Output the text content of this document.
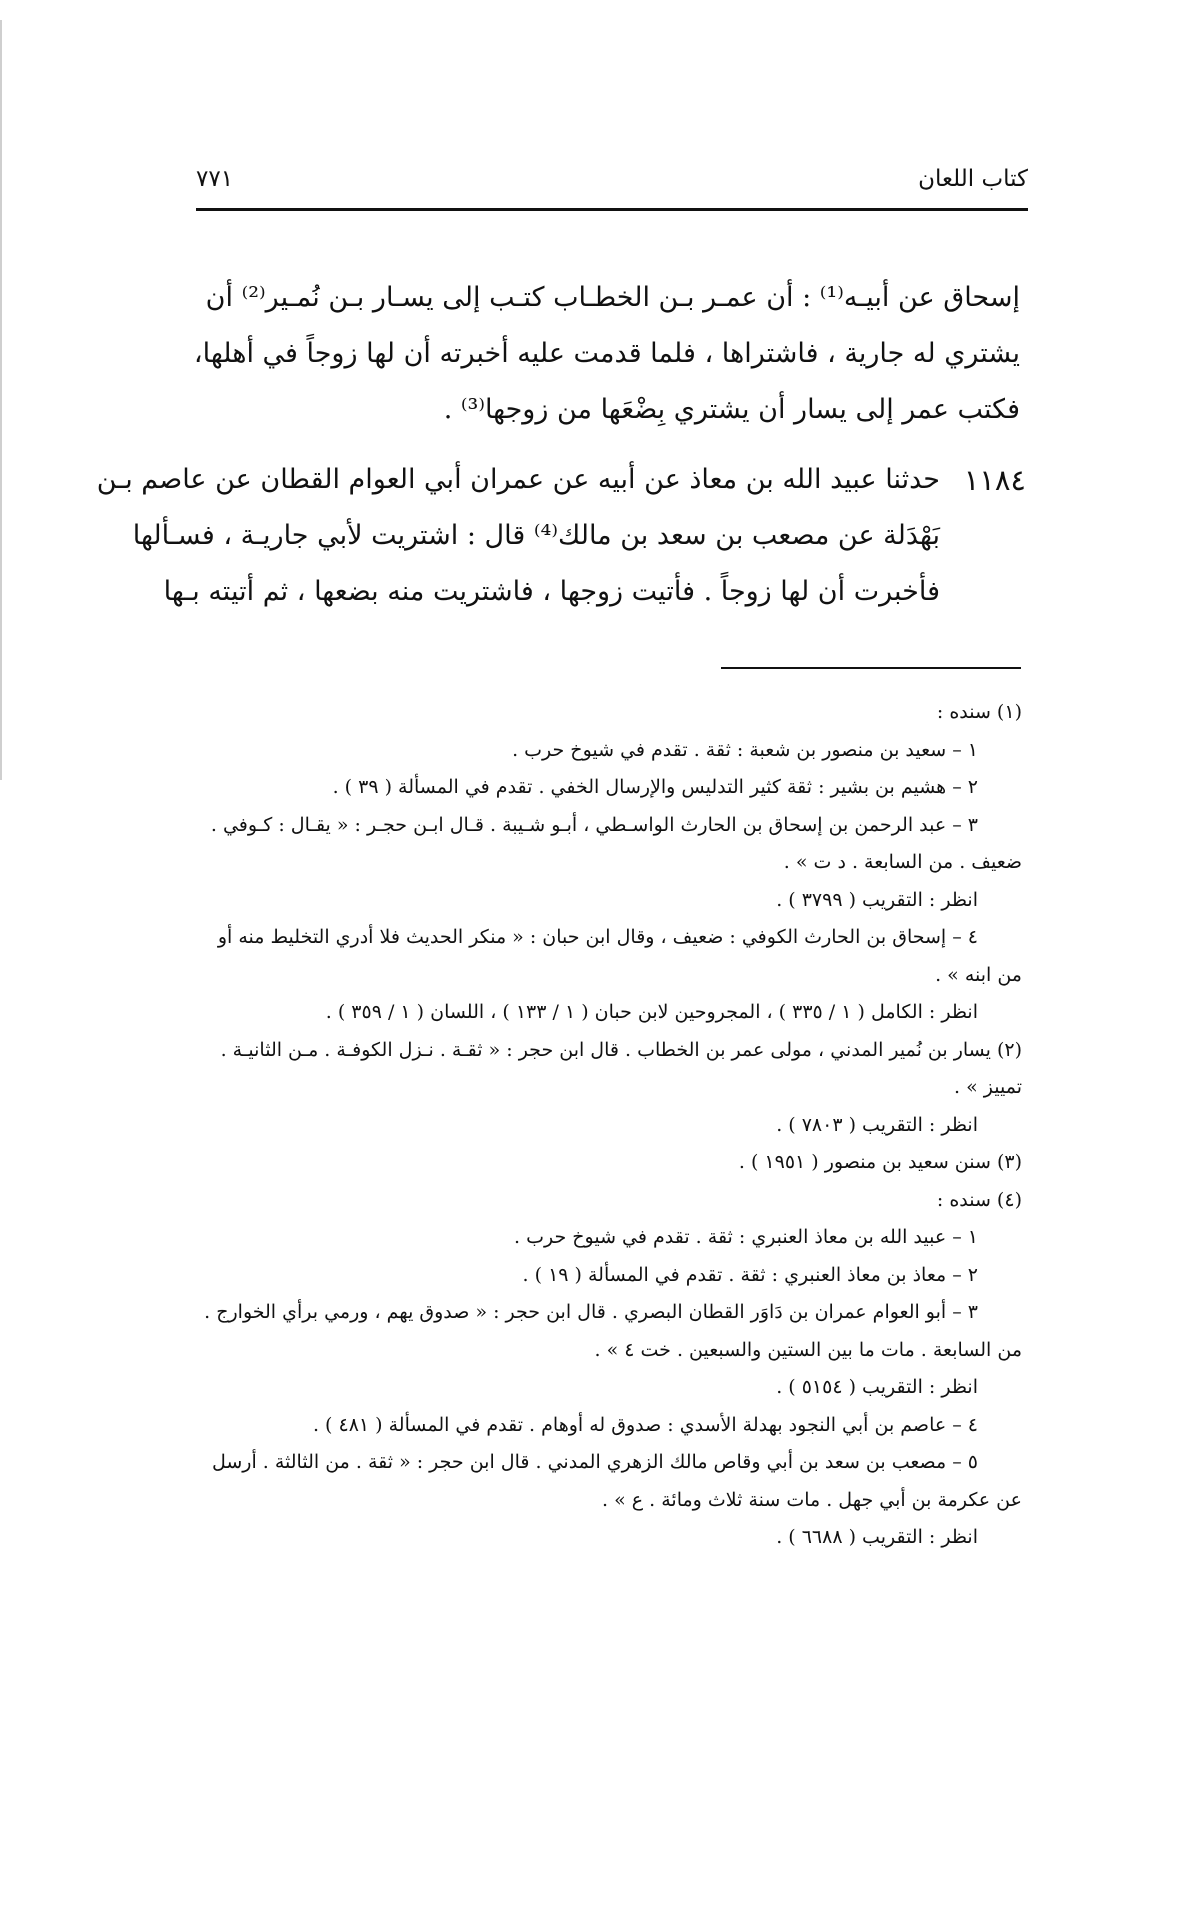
كتاب اللعان
٧٧١
إسحاق عن أبيـه⁽¹⁾ : أن عمـر بـن الخطـاب كتـب إلى يسـار بـن نُمـير⁽²⁾ أن
يشتري له جارية ، فاشتراها ، فلما قدمت عليه أخبرته أن لها زوجاً في أهلها،
فكتب عمر إلى يسار أن يشتري بِضْعَها من زوجها⁽³⁾ .
١١٨٤
حدثنا عبيد الله بن معاذ عن أبيه عن عمران أبي العوام القطان عن عاصم بـن
بَهْدَلة عن مصعب بن سعد بن مالك⁽⁴⁾ قال : اشتريت لأبي جاريـة ، فسـألها
فأخبرت أن لها زوجاً . فأتيت زوجها ، فاشتريت منه بضعها ، ثم أتيته بـها
(١) سنده :
١ – سعيد بن منصور بن شعبة : ثقة . تقدم في شيوخ حرب .
٢ – هشيم بن بشير : ثقة كثير التدليس والإرسال الخفي . تقدم في المسألة ( ٣٩ ) .
٣ – عبد الرحمن بن إسحاق بن الحارث الواسـطي ، أبـو شـيبة . قـال ابـن حجـر : « يقـال : كـوفي .
ضعيف . من السابعة . د ت » .
انظر : التقريب ( ٣٧٩٩ ) .
٤ – إسحاق بن الحارث الكوفي : ضعيف ، وقال ابن حبان : « منكر الحديث فلا أدري التخليط منه أو
من ابنه » .
انظر : الكامل ( ١ / ٣٣٥ ) ، المجروحين لابن حبان ( ١ / ١٣٣ ) ، اللسان ( ١ / ٣٥٩ ) .
(٢) يسار بن نُمير المدني ، مولى عمر بن الخطاب . قال ابن حجر : « ثقـة . نـزل الكوفـة . مـن الثانيـة .
تمييز » .
انظر : التقريب ( ٧٨٠٣ ) .
(٣) سنن سعيد بن منصور ( ١٩٥١ ) .
(٤) سنده :
١ – عبيد الله بن معاذ العنبري : ثقة . تقدم في شيوخ حرب .
٢ – معاذ بن معاذ العنبري : ثقة . تقدم في المسألة ( ١٩ ) .
٣ – أبو العوام عمران بن دَاوَر القطان البصري . قال ابن حجر : « صدوق يهم ، ورمي برأي الخوارج .
من السابعة . مات ما بين الستين والسبعين . خت ٤ » .
انظر : التقريب ( ٥١٥٤ ) .
٤ – عاصم بن أبي النجود بهدلة الأسدي : صدوق له أوهام . تقدم في المسألة ( ٤٨١ ) .
٥ – مصعب بن سعد بن أبي وقاص مالك الزهري المدني . قال ابن حجر : « ثقة . من الثالثة . أرسل
عن عكرمة بن أبي جهل . مات سنة ثلاث ومائة . ع » .
انظر : التقريب ( ٦٦٨٨ ) .
